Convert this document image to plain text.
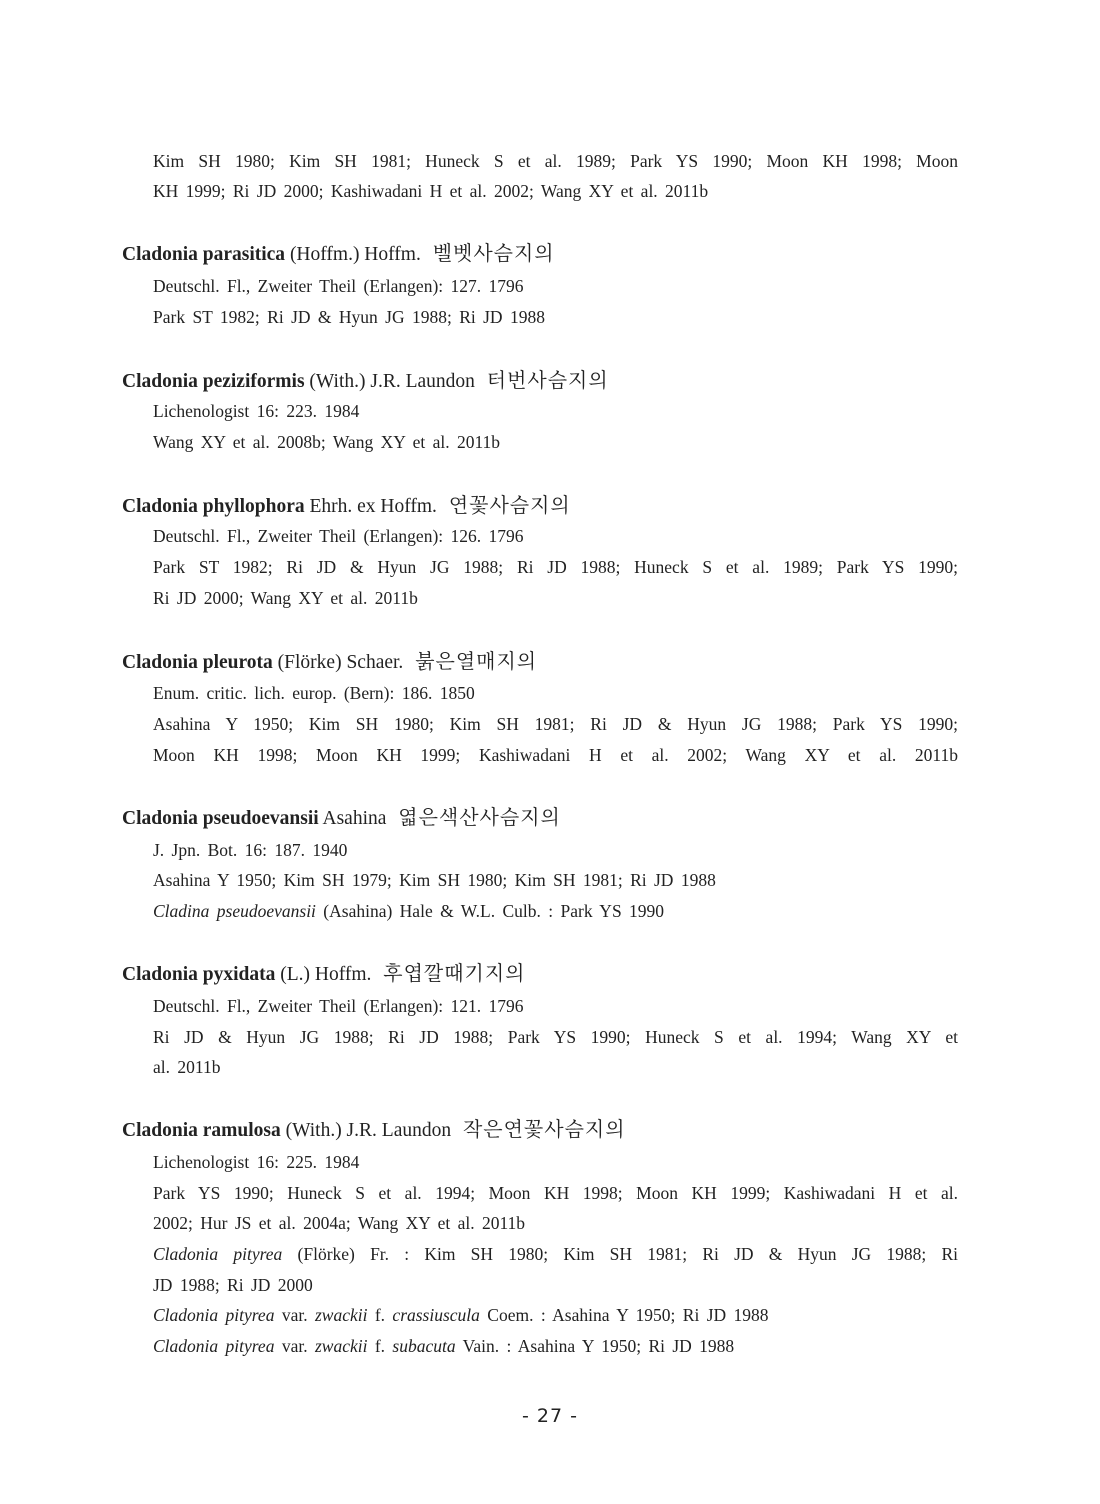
Kim SH 1980; Kim SH 1981; Huneck S et al. 1989; Park YS 1990; Moon KH 1998; Moon
KH 1999; Ri JD 2000; Kashiwadani H et al. 2002; Wang XY et al. 2011b
Cladonia parasitica (Hoffm.) Hoffm. 벨벳사슴지의
Deutschl. Fl., Zweiter Theil (Erlangen): 127. 1796
Park ST 1982; Ri JD & Hyun JG 1988; Ri JD 1988
Cladonia peziziformis (With.) J.R. Laundon 터번사슴지의
Lichenologist 16: 223. 1984
Wang XY et al. 2008b; Wang XY et al. 2011b
Cladonia phyllophora Ehrh. ex Hoffm. 연꽃사슴지의
Deutschl. Fl., Zweiter Theil (Erlangen): 126. 1796
Park ST 1982; Ri JD & Hyun JG 1988; Ri JD 1988; Huneck S et al. 1989; Park YS 1990;
Ri JD 2000; Wang XY et al. 2011b
Cladonia pleurota (Flörke) Schaer. 붉은열매지의
Enum. critic. lich. europ. (Bern): 186. 1850
Asahina Y 1950; Kim SH 1980; Kim SH 1981; Ri JD & Hyun JG 1988; Park YS 1990;
Moon KH 1998; Moon KH 1999; Kashiwadani H et al. 2002; Wang XY et al. 2011b
Cladonia pseudoevansii Asahina 엷은색산사슴지의
J. Jpn. Bot. 16: 187. 1940
Asahina Y 1950; Kim SH 1979; Kim SH 1980; Kim SH 1981; Ri JD 1988
Cladina pseudoevansii (Asahina) Hale & W.L. Culb. : Park YS 1990
Cladonia pyxidata (L.) Hoffm. 후엽깔때기지의
Deutschl. Fl., Zweiter Theil (Erlangen): 121. 1796
Ri JD & Hyun JG 1988; Ri JD 1988; Park YS 1990; Huneck S et al. 1994; Wang XY et
al. 2011b
Cladonia ramulosa (With.) J.R. Laundon 작은연꽃사슴지의
Lichenologist 16: 225. 1984
Park YS 1990; Huneck S et al. 1994; Moon KH 1998; Moon KH 1999; Kashiwadani H et al.
2002; Hur JS et al. 2004a; Wang XY et al. 2011b
Cladonia pityrea (Flörke) Fr. : Kim SH 1980; Kim SH 1981; Ri JD & Hyun JG 1988; Ri
JD 1988; Ri JD 2000
Cladonia pityrea var. zwackii f. crassiuscula Coem. : Asahina Y 1950; Ri JD 1988
Cladonia pityrea var. zwackii f. subacuta Vain. : Asahina Y 1950; Ri JD 1988
- 27 -
